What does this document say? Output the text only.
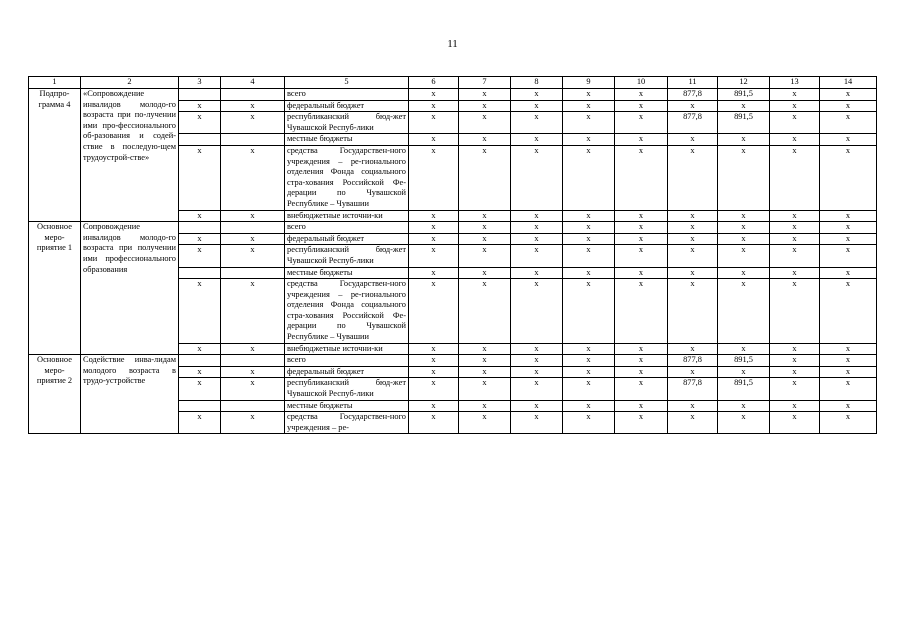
11
1	2	3	4	5	6	7	8	9	10	11	12	13	14
Подпро-
грамма 4	«Сопровождение инвалидов молодо-го возраста при по-лучении ими про-фессионального об-разования и содей-ствие в последую-щем трудоустрой-стве»			всего	x	x	x	x	x	877,8	891,5	x	x
		x	x	федеральный бюджет	x	x	x	x	x	x	x	x	x
		x	x	республиканский бюд-жет Чувашской Респуб-лики	x	x	x	x	x	877,8	891,5	x	x
				местные бюджеты	x	x	x	x	x	x	x	x	x
		x	x	средства Государствен-ного учреждения – ре-гионального отделения Фонда социального стра-хования Российской Фе-дерации по Чувашской Республике – Чувашии	x	x	x	x	x	x	x	x	x
		x	x	внебюджетные источни-ки	x	x	x	x	x	x	x	x	x
Основное
меро-
приятие 1	Сопровождение инвалидов молодо-го возраста при получении ими профессионального образования			всего	x	x	x	x	x	x	x	x	x
		x	x	федеральный бюджет	x	x	x	x	x	x	x	x	x
		x	x	республиканский бюд-жет Чувашской Респуб-лики	x	x	x	x	x	x	x	x	x
				местные бюджеты	x	x	x	x	x	x	x	x	x
		x	x	средства Государствен-ного учреждения – ре-гионального отделения Фонда социального стра-хования Российской Фе-дерации по Чувашской Республике – Чувашии	x	x	x	x	x	x	x	x	x
		x	x	внебюджетные источни-ки	x	x	x	x	x	x	x	x	x
Основное
меро-
приятие 2	Содействие инва-лидам молодого возраста в трудо-устройстве			всего	x	x	x	x	x	877,8	891,5	x	x
		x	x	федеральный бюджет	x	x	x	x	x	x	x	x	x
		x	x	республиканский бюд-жет Чувашской Респуб-лики	x	x	x	x	x	877,8	891,5	x	x
				местные бюджеты	x	x	x	x	x	x	x	x	x
		x	x	средства Государствен-ного учреждения – ре-	x	x	x	x	x	x	x	x	x
